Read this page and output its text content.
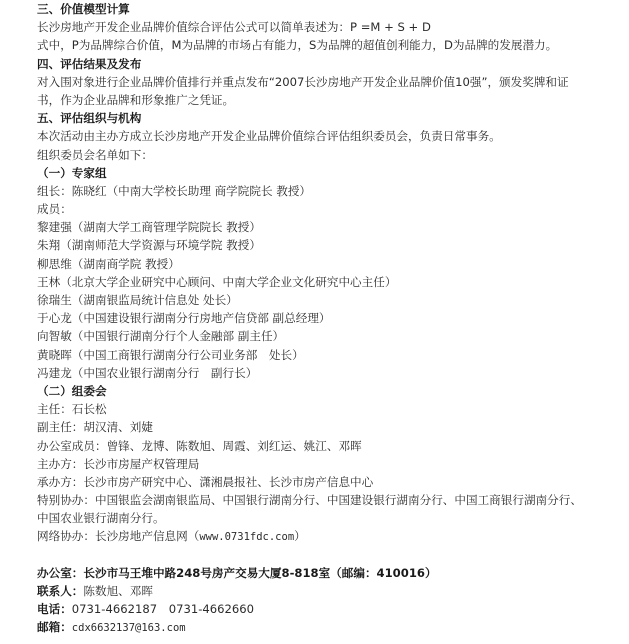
三、价值模型计算
长沙房地产开发企业品牌价值综合评估公式可以简单表述为：P =M + S + D
式中，P为品牌综合价值，M为品牌的市场占有能力，S为品牌的超值创利能力，D为品牌的发展潜力。
四、评估结果及发布
对入围对象进行企业品牌价值排行并重点发布“2007长沙房地产开发企业品牌价值10强”，颁发奖牌和证
书，作为企业品牌和形象推广之凭证。
五、评估组织与机构
本次活动由主办方成立长沙房地产开发企业品牌价值综合评估组织委员会，负责日常事务。
组织委员会名单如下：
（一）专家组
组长：陈晓红（中南大学校长助理 商学院院长 教授）
成员：
黎建强（湖南大学工商管理学院院长 教授）
朱翔（湖南师范大学资源与环境学院 教授）
柳思维（湖南商学院 教授）
王林（北京大学企业研究中心顾问、中南大学企业文化研究中心主任）
徐瑞生（湖南银监局统计信息处 处长）
于心龙（中国建设银行湖南分行房地产信贷部 副总经理）
向智敏（中国银行湖南分行个人金融部 副主任）
黄晓晖（中国工商银行湖南分行公司业务部　处长）
冯建龙（中国农业银行湖南分行　副行长）
（二）组委会
主任：石长松
副主任：胡汉清、刘婕
办公室成员：曾锋、龙博、陈数旭、周霞、刘红运、姚江、邓晖
主办方：长沙市房屋产权管理局
承办方：长沙市房产研究中心、潇湘晨报社、长沙市房产信息中心
特别协办：中国银监会湖南银监局、中国银行湖南分行、中国建设银行湖南分行、中国工商银行湖南分行、
中国农业银行湖南分行。
网络协办：长沙房地产信息网（www.0731fdc.com）
办公室：长沙市马王堆中路248号房产交易大厦8-818室（邮编：410016）
联系人：陈数旭、邓晖
电话：0731-4662187　0731-4662660
邮箱：cdx6632137@163.com
